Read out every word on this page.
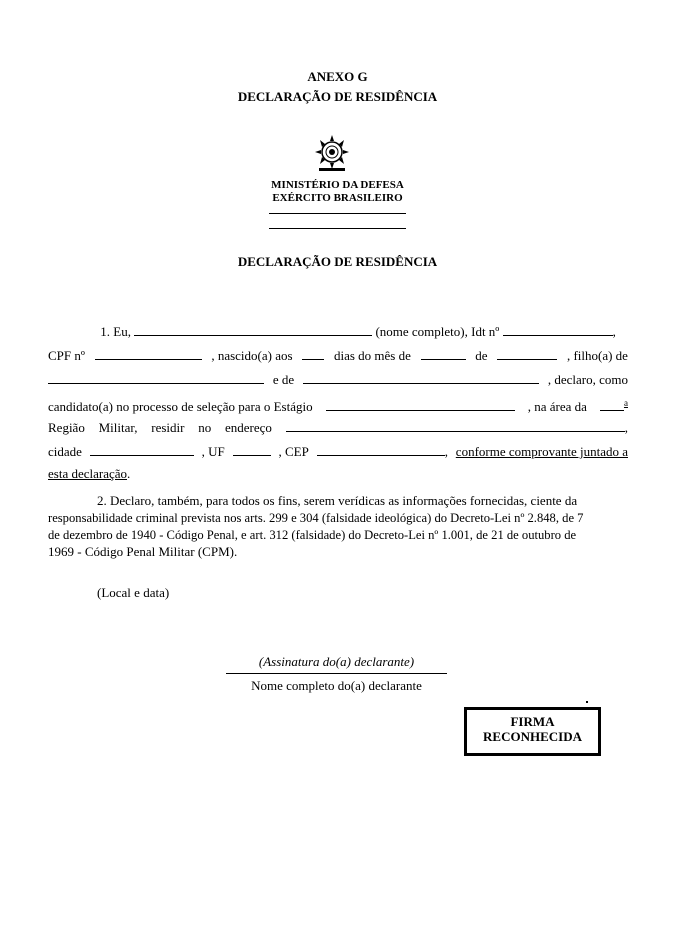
ANEXO G
DECLARAÇÃO DE RESIDÊNCIA
MINISTÉRIO DA DEFESA
EXÉRCITO BRASILEIRO
DECLARAÇÃO DE RESIDÊNCIA
1. Eu,	(nome completo), Idt nº	,
CPF nº	, nascido(a) aos	dias do mês de	de	, filho(a) de
e de	, declaro, como
candidato(a) no processo de seleção para o Estágio	, na área da	$^a$
Região Militar, residir no endereço	,
cidade	, UF	, CEP	, conforme comprovante juntado a
esta declaração.
2. Declaro, também, para todos os fins, serem verídicas as informações fornecidas, ciente da
responsabilidade criminal prevista nos arts. 299 e 304 (falsidade ideológica) do Decreto-Lei nº 2.848, de 7
de dezembro de 1940 - Código Penal, e art. 312 (falsidade) do Decreto-Lei nº 1.001, de 21 de outubro de
1969 - Código Penal Militar (CPM).
(Local e data)
(Assinatura do(a) declarante)
Nome completo do(a) declarante
FIRMA
RECONHECIDA
